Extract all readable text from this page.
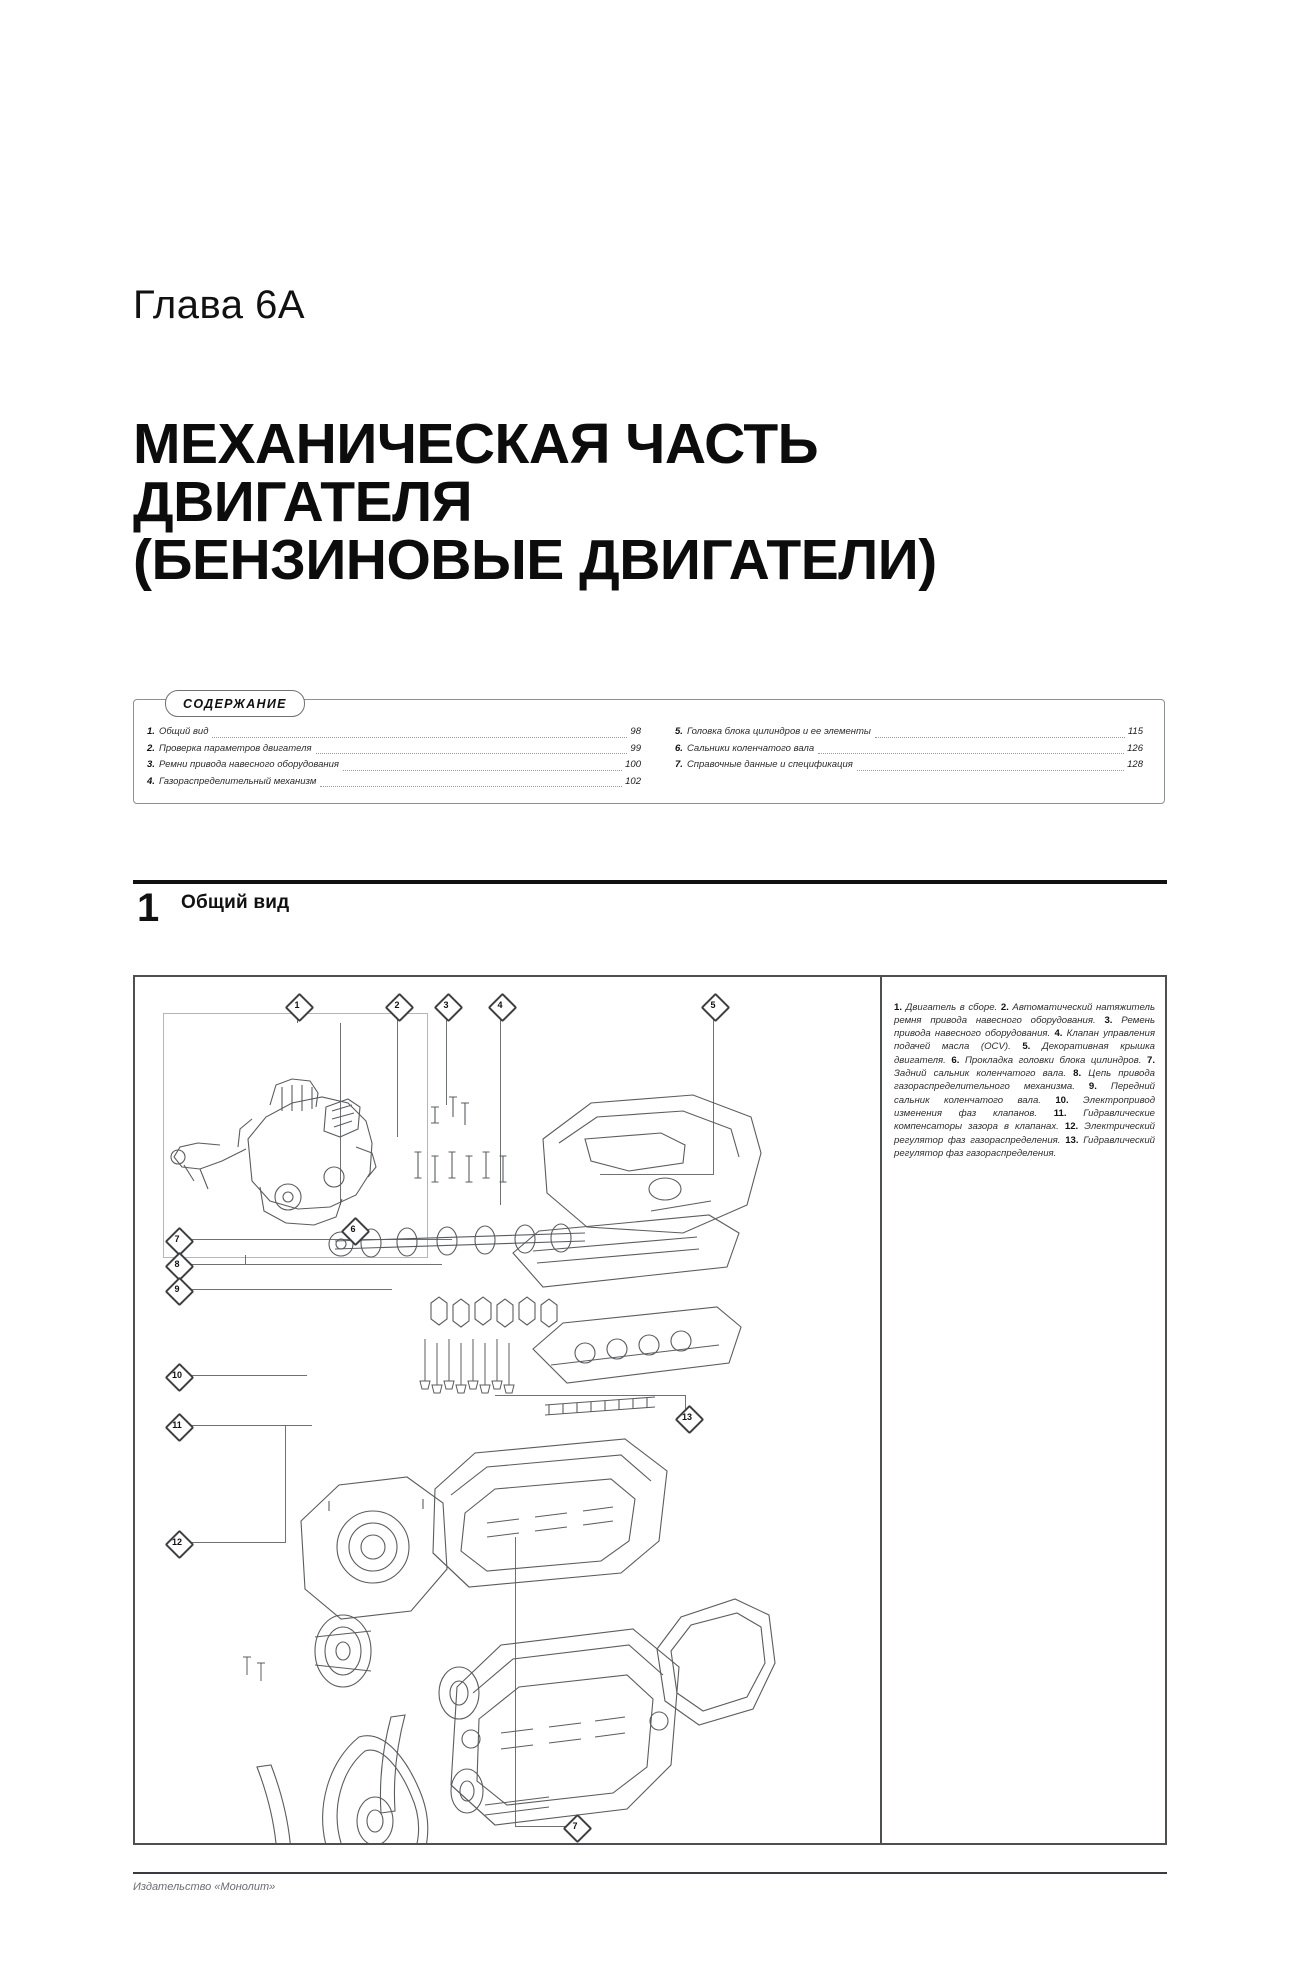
Глава 6A
МЕХАНИЧЕСКАЯ ЧАСТЬ
ДВИГАТЕЛЯ
(БЕНЗИНОВЫЕ ДВИГАТЕЛИ)
1. Общий вид	98
2. Проверка параметров двигателя	99
3. Ремни привода навесного оборудования	100
4. Газораспределительный механизм	102
5. Головка блока цилиндров и ее элементы	115
6. Сальники коленчатого вала	126
7. Справочные данные и спецификация	128
СОДЕРЖАНИЕ
1 Общий вид
1	2	3	4	5
6
7
8
9
10
11
12
13
7

1. Двигатель в сборе. 2. Автоматический натяжитель ремня привода навесного оборудования. 3. Ремень привода навесного оборудования. 4. Клапан управления подачей масла (OCV). 5. Декоративная крышка двигателя. 6. Прокладка головки блока цилиндров. 7. Задний сальник коленчатого вала. 8. Цепь привода газораспределительного механизма. 9. Передний сальник коленчатого вала. 10. Электропривод изменения фаз клапанов. 11. Гидравлические компенсаторы зазора в клапанах. 12. Электрический регулятор фаз газораспределения. 13. Гидравлический регулятор фаз газораспределения.

Издательство «Монолит»
